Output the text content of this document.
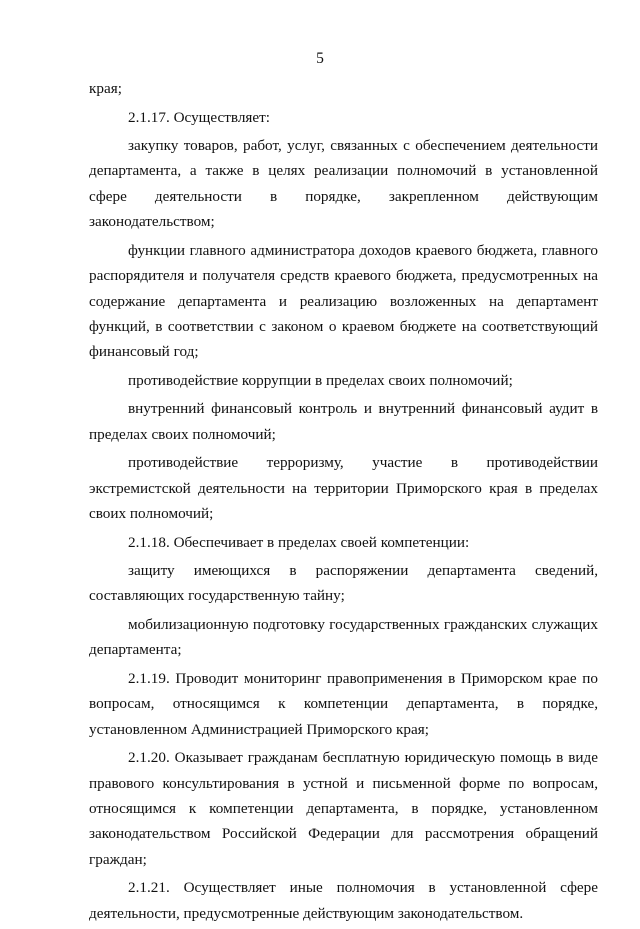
5

края;

2.1.17. Осуществляет:

закупку товаров, работ, услуг, связанных с обеспечением деятельности департамента, а также в целях реализации полномочий в установленной сфере деятельности в порядке, закрепленном действующим законодательством;

функции главного администратора доходов краевого бюджета, главного распорядителя и получателя средств краевого бюджета, предусмотренных на содержание департамента и реализацию возложенных на департамент функций, в соответствии с законом о краевом бюджете на соответствующий финансовый год;

противодействие коррупции в пределах своих полномочий;

внутренний финансовый контроль и внутренний финансовый аудит в пределах своих полномочий;

противодействие терроризму, участие в противодействии экстремистской деятельности на территории Приморского края в пределах своих полномочий;

2.1.18. Обеспечивает в пределах своей компетенции:

защиту имеющихся в распоряжении департамента сведений, составляющих государственную тайну;

мобилизационную подготовку государственных гражданских служащих департамента;

2.1.19. Проводит мониторинг правоприменения в Приморском крае по вопросам, относящимся к компетенции департамента, в порядке, установленном Администрацией Приморского края;

2.1.20. Оказывает гражданам бесплатную юридическую помощь в виде правового консультирования в устной и письменной форме по вопросам, относящимся к компетенции департамента, в порядке, установленном законодательством Российской Федерации для рассмотрения обращений граждан;

2.1.21. Осуществляет иные полномочия в установленной сфере деятельности, предусмотренные действующим законодательством.
